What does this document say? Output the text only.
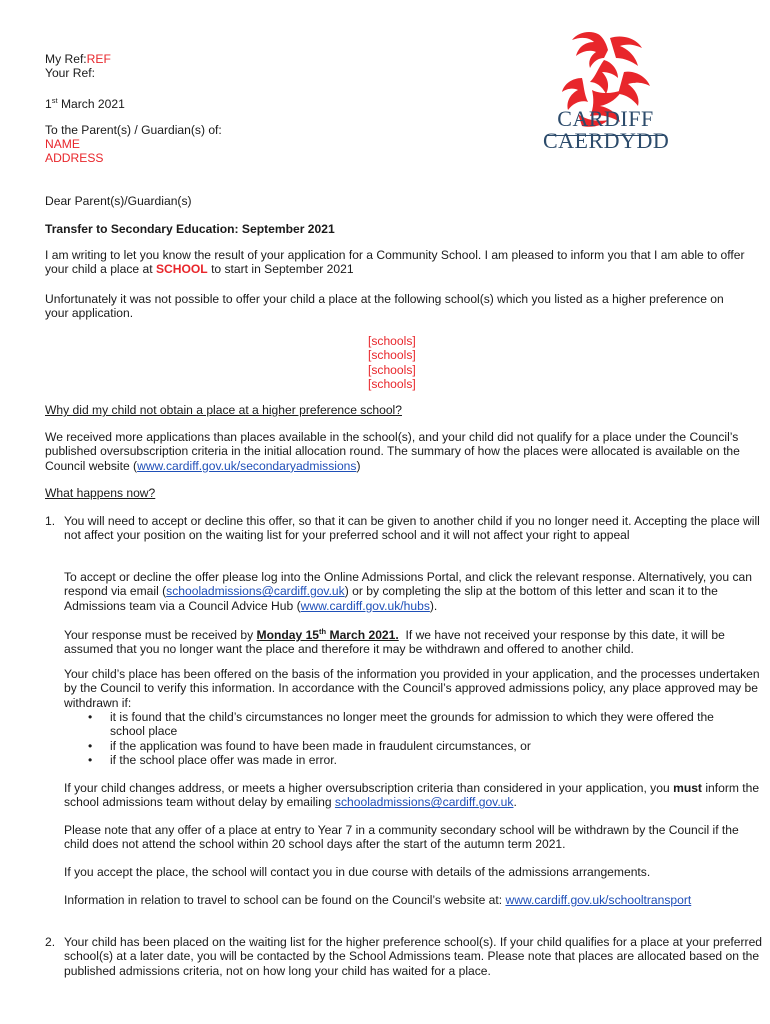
My Ref:REF
Your Ref:
1st March 2021
To the Parent(s) / Guardian(s) of:
NAME
ADDRESS
CARDIFF
CAERDYDD
Dear Parent(s)/Guardian(s)
Transfer to Secondary Education: September 2021

I am writing to let you know the result of your application for a Community School. I am pleased to inform you that I am able to offer your child a place at SCHOOL to start in September 2021

Unfortunately it was not possible to offer your child a place at the following school(s) which you listed as a higher preference on your application.

[schools]
[schools]
[schools]
[schools]
Why did my child not obtain a place at a higher preference school?

We received more applications than places available in the school(s), and your child did not qualify for a place under the Council’s published oversubscription criteria in the initial allocation round. The summary of how the places were allocated is available on the Council website (www.cardiff.gov.uk/secondaryadmissions)

What happens now?
1. You will need to accept or decline this offer, so that it can be given to another child if you no longer need it. Accepting the place will not affect your position on the waiting list for your preferred school and it will not affect your right to appeal

To accept or decline the offer please log into the Online Admissions Portal, and click the relevant response. Alternatively, you can respond via email (schooladmissions@cardiff.gov.uk) or by completing the slip at the bottom of this letter and scan it to the Admissions team via a Council Advice Hub (www.cardiff.gov.uk/hubs).

Your response must be received by Monday 15th March 2021. If we have not received your response by this date, it will be assumed that you no longer want the place and therefore it may be withdrawn and offered to another child.

Your child’s place has been offered on the basis of the information you provided in your application, and the processes undertaken by the Council to verify this information. In accordance with the Council’s approved admissions policy, any place approved may be withdrawn if:

• it is found that the child’s circumstances no longer meet the grounds for admission to which they were offered the school place
• if the application was found to have been made in fraudulent circumstances, or
• if the school place offer was made in error.

If your child changes address, or meets a higher oversubscription criteria than considered in your application, you must inform the school admissions team without delay by emailing schooladmissions@cardiff.gov.uk.

Please note that any offer of a place at entry to Year 7 in a community secondary school will be withdrawn by the Council if the child does not attend the school within 20 school days after the start of the autumn term 2021.

If you accept the place, the school will contact you in due course with details of the admissions arrangements.

Information in relation to travel to school can be found on the Council’s website at: www.cardiff.gov.uk/schooltransport

2. Your child has been placed on the waiting list for the higher preference school(s). If your child qualifies for a place at your preferred school(s) at a later date, you will be contacted by the School Admissions team. Please note that places are allocated based on the published admissions criteria, not on how long your child has waited for a place.
